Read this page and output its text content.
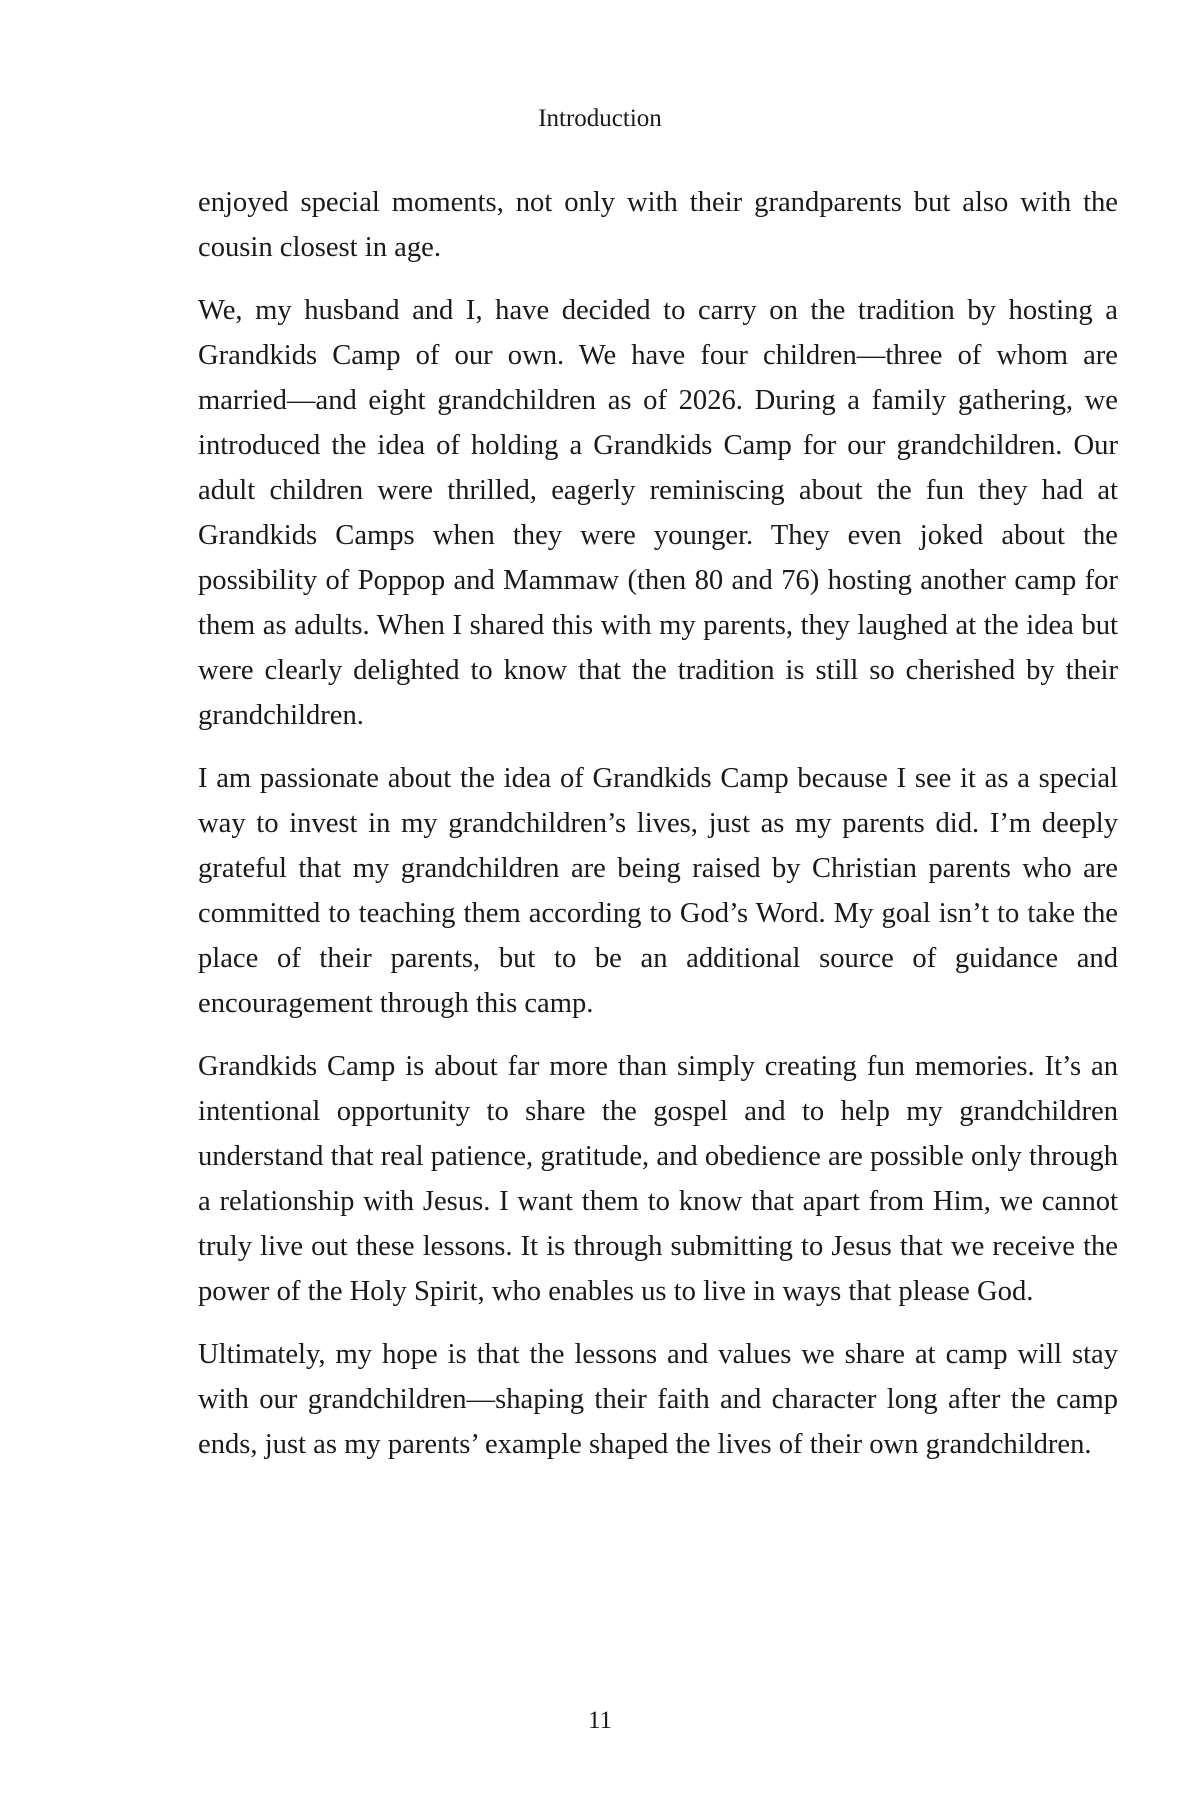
Introduction

enjoyed special moments, not only with their grandparents but also with the cousin closest in age.

We, my husband and I, have decided to carry on the tradition by hosting a Grandkids Camp of our own. We have four children—three of whom are married—and eight grandchildren as of 2026. During a family gathering, we introduced the idea of holding a Grandkids Camp for our grandchildren. Our adult children were thrilled, eagerly reminiscing about the fun they had at Grandkids Camps when they were younger. They even joked about the possibility of Poppop and Mammaw (then 80 and 76) hosting another camp for them as adults. When I shared this with my parents, they laughed at the idea but were clearly delighted to know that the tradition is still so cherished by their grandchildren.

I am passionate about the idea of Grandkids Camp because I see it as a special way to invest in my grandchildren’s lives, just as my parents did. I’m deeply grateful that my grandchildren are being raised by Christian parents who are committed to teaching them according to God’s Word. My goal isn’t to take the place of their parents, but to be an additional source of guidance and encouragement through this camp.

Grandkids Camp is about far more than simply creating fun memories. It’s an intentional opportunity to share the gospel and to help my grandchildren understand that real patience, gratitude, and obedience are possible only through a relationship with Jesus. I want them to know that apart from Him, we cannot truly live out these lessons. It is through submitting to Jesus that we receive the power of the Holy Spirit, who enables us to live in ways that please God.

Ultimately, my hope is that the lessons and values we share at camp will stay with our grandchildren—shaping their faith and character long after the camp ends, just as my parents’ example shaped the lives of their own grandchildren.

11
